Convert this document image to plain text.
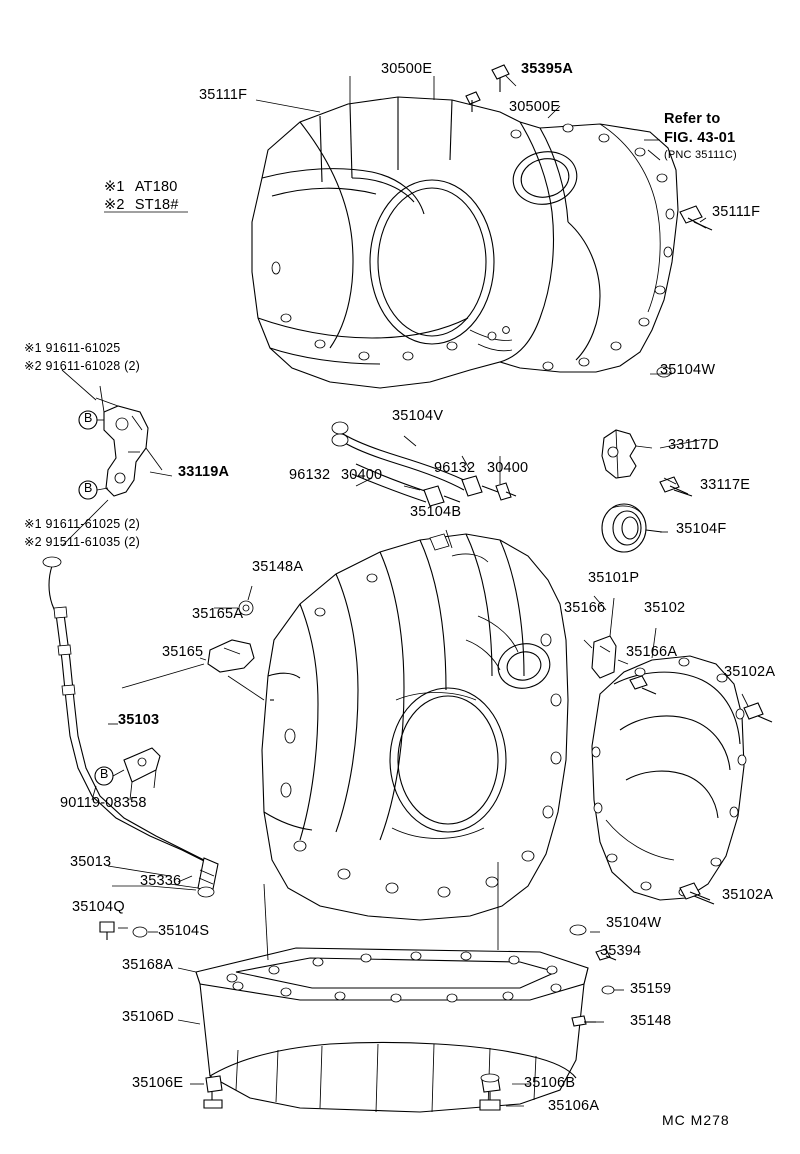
※1 AT180
※2 ST18#
Refer to
FIG. 43-01
(PNC 35111C)
※1 91611-61025
※2 91611-61028 (2)
※1 91611-61025 (2)
※2 91511-61035 (2)
B
B
B
30500E	35395A
35111F
30500E
35111F
35104W
33119A
35104V
96132 30400
96132 30400
35104B
33117D
33117E
35104F
35101P
35166	35102
35166A
35102A
35102A
35148A
35165A
35165
35103
90119-08358
35013
35336
35104Q
35104S
35168A
35106D
35106E	35106B
35106A
35104W
35394
35159
35148
MC M278
